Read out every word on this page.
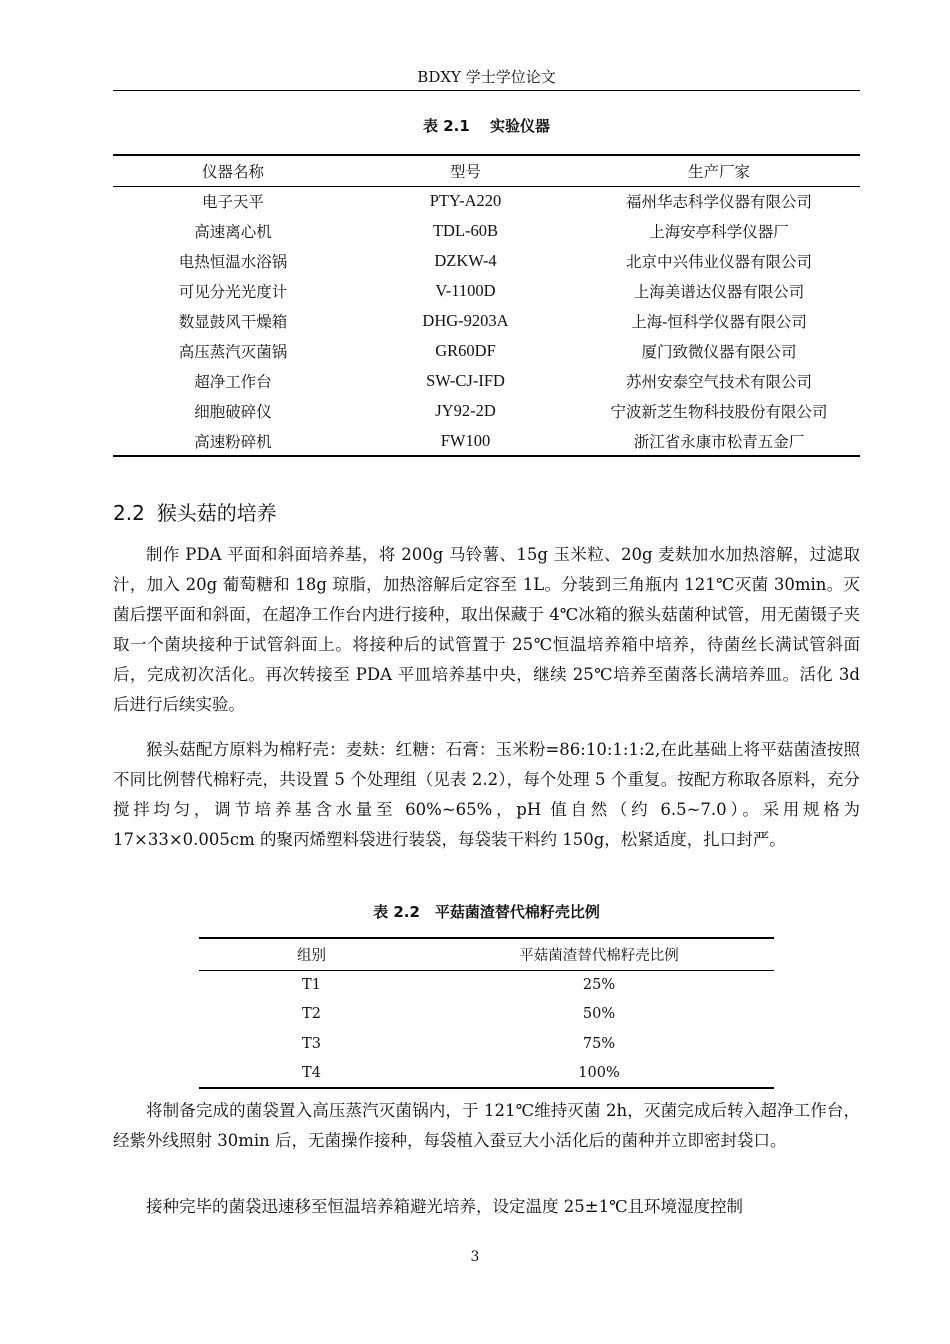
BDXY 学士学位论文
表 2.1　 实验仪器
仪器名称	型号	生产厂家
电子天平	PTY-A220	福州华志科学仪器有限公司
高速离心机	TDL-60B	上海安亭科学仪器厂
电热恒温水浴锅	DZKW-4	北京中兴伟业仪器有限公司
可见分光光度计	V-1100D	上海美谱达仪器有限公司
数显鼓风干燥箱	DHG-9203A	上海-恒科学仪器有限公司
高压蒸汽灭菌锅	GR60DF	厦门致微仪器有限公司
超净工作台	SW-CJ-IFD	苏州安泰空气技术有限公司
细胞破碎仪	JY92-2D	宁波新芝生物科技股份有限公司
高速粉碎机	FW100	浙江省永康市松青五金厂
2.2 猴头菇的培养

制作 PDA 平面和斜面培养基，将 200g 马铃薯、15g 玉米粒、20g 麦麸加水加热溶解，过滤取汁，加入 20g 葡萄糖和 18g 琼脂，加热溶解后定容至 1L。分装到三角瓶内 121℃灭菌 30min。灭菌后摆平面和斜面，在超净工作台内进行接种，取出保藏于 4℃冰箱的猴头菇菌种试管，用无菌镊子夹取一个菌块接种于试管斜面上。将接种后的试管置于 25℃恒温培养箱中培养，待菌丝长满试管斜面后，完成初次活化。再次转接至 PDA 平皿培养基中央，继续 25℃培养至菌落长满培养皿。活化 3d 后进行后续实验。

猴头菇配方原料为棉籽壳：麦麸：红糖：石膏：玉米粉=86:10:1:1:2,在此基础上将平菇菌渣按照不同比例替代棉籽壳，共设置 5 个处理组（见表 2.2），每个处理 5 个重复。按配方称取各原料，充分搅拌均匀，调节培养基含水量至 60%~65%，pH 值自然（约 6.5~7.0）。采用规格为 17×33×0.005cm 的聚丙烯塑料袋进行装袋，每袋装干料约 150g，松紧适度，扎口封严。

表 2.2　平菇菌渣替代棉籽壳比例
组别	平菇菌渣替代棉籽壳比例
T1	25%
T2	50%
T3	75%
T4	100%

将制备完成的菌袋置入高压蒸汽灭菌锅内，于 121℃维持灭菌 2h，灭菌完成后转入超净工作台，经紫外线照射 30min 后，无菌操作接种，每袋植入蚕豆大小活化后的菌种并立即密封袋口。

接种完毕的菌袋迅速移至恒温培养箱避光培养，设定温度 25±1℃且环境湿度控制

3
